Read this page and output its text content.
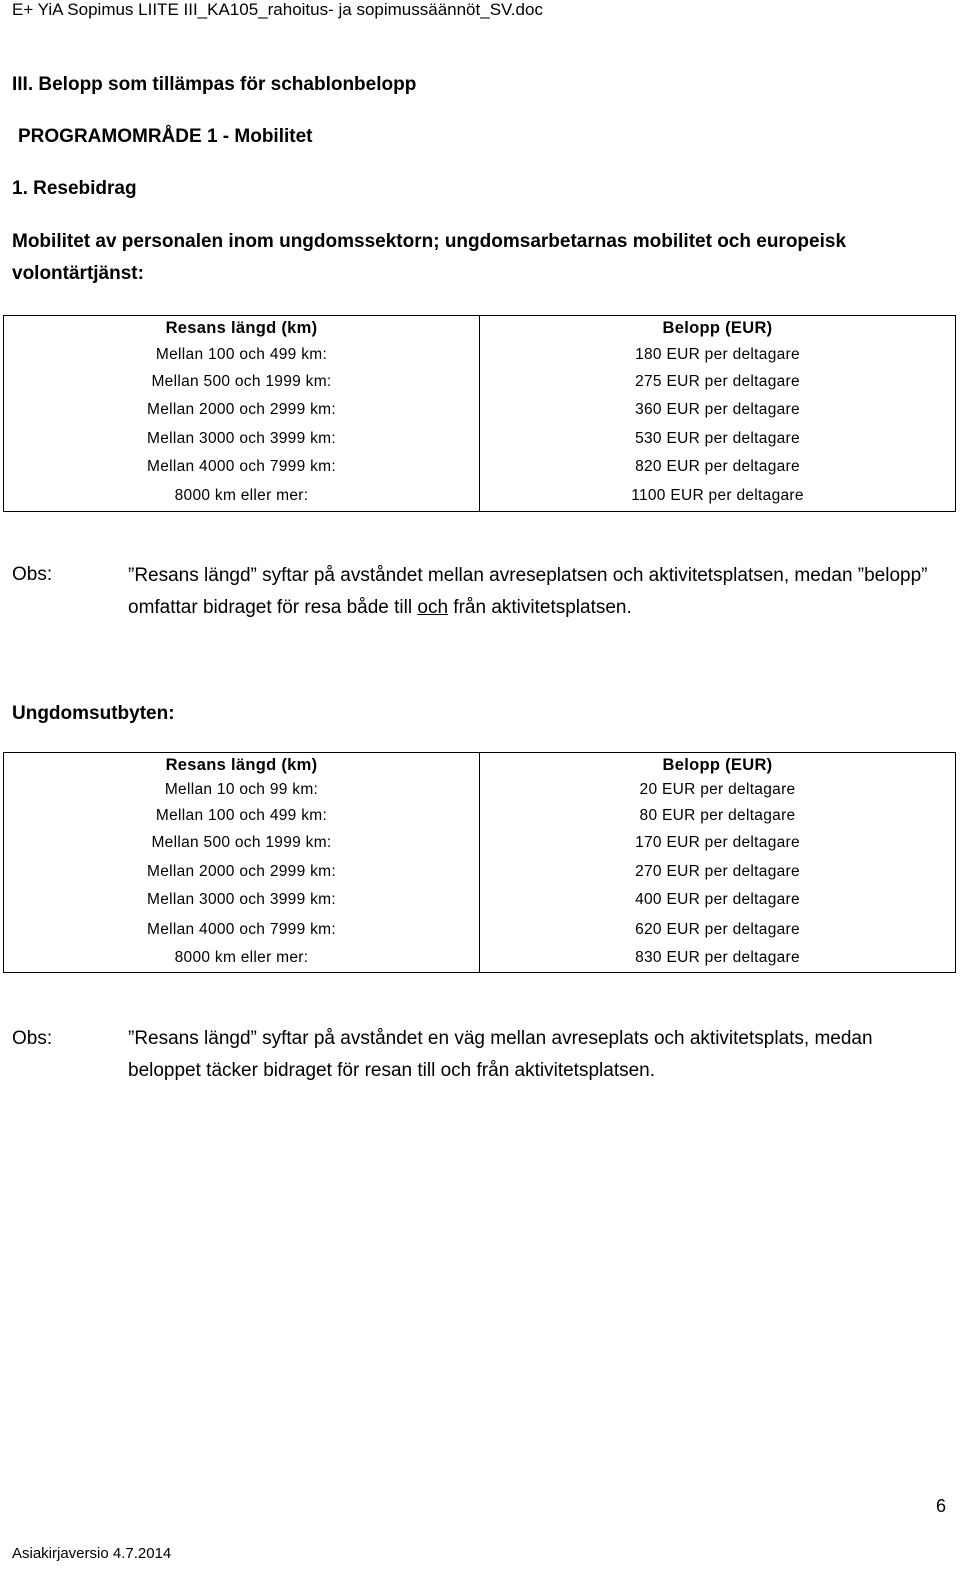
E+ YiA Sopimus LIITE III_KA105_rahoitus- ja sopimussäännöt_SV.doc
III. Belopp som tillämpas för schablonbelopp
PROGRAMOMRÅDE 1 - Mobilitet
1. Resebidrag
Mobilitet av personalen inom ungdomssektorn; ungdomsarbetarnas mobilitet och europeisk volontärtjänst:
Resans längd (km)	Belopp (EUR)
Mellan 100 och 499 km:	180 EUR per deltagare
Mellan 500 och 1999 km:	275 EUR per deltagare
Mellan 2000 och 2999 km:	360 EUR per deltagare
Mellan 3000 och 3999 km:	530 EUR per deltagare
Mellan 4000 och 7999 km:	820 EUR per deltagare
8000 km eller mer:	1100 EUR per deltagare
Obs:	”Resans längd” syftar på avståndet mellan avreseplatsen och aktivitetsplatsen, medan ”belopp” omfattar bidraget för resa både till och från aktivitetsplatsen.
Ungdomsutbyten:
Resans längd (km)	Belopp (EUR)
Mellan 10 och 99 km:	20 EUR per deltagare
Mellan 100 och 499 km:	80 EUR per deltagare
Mellan 500 och 1999 km:	170 EUR per deltagare
Mellan 2000 och 2999 km:	270 EUR per deltagare
Mellan 3000 och 3999 km:	400 EUR per deltagare
Mellan 4000 och 7999 km:	620 EUR per deltagare
8000 km eller mer:	830 EUR per deltagare
Obs:	”Resans längd” syftar på avståndet en väg mellan avreseplats och aktivitetsplats, medan beloppet täcker bidraget för resan till och från aktivitetsplatsen.
6
Asiakirjaversio 4.7.2014
